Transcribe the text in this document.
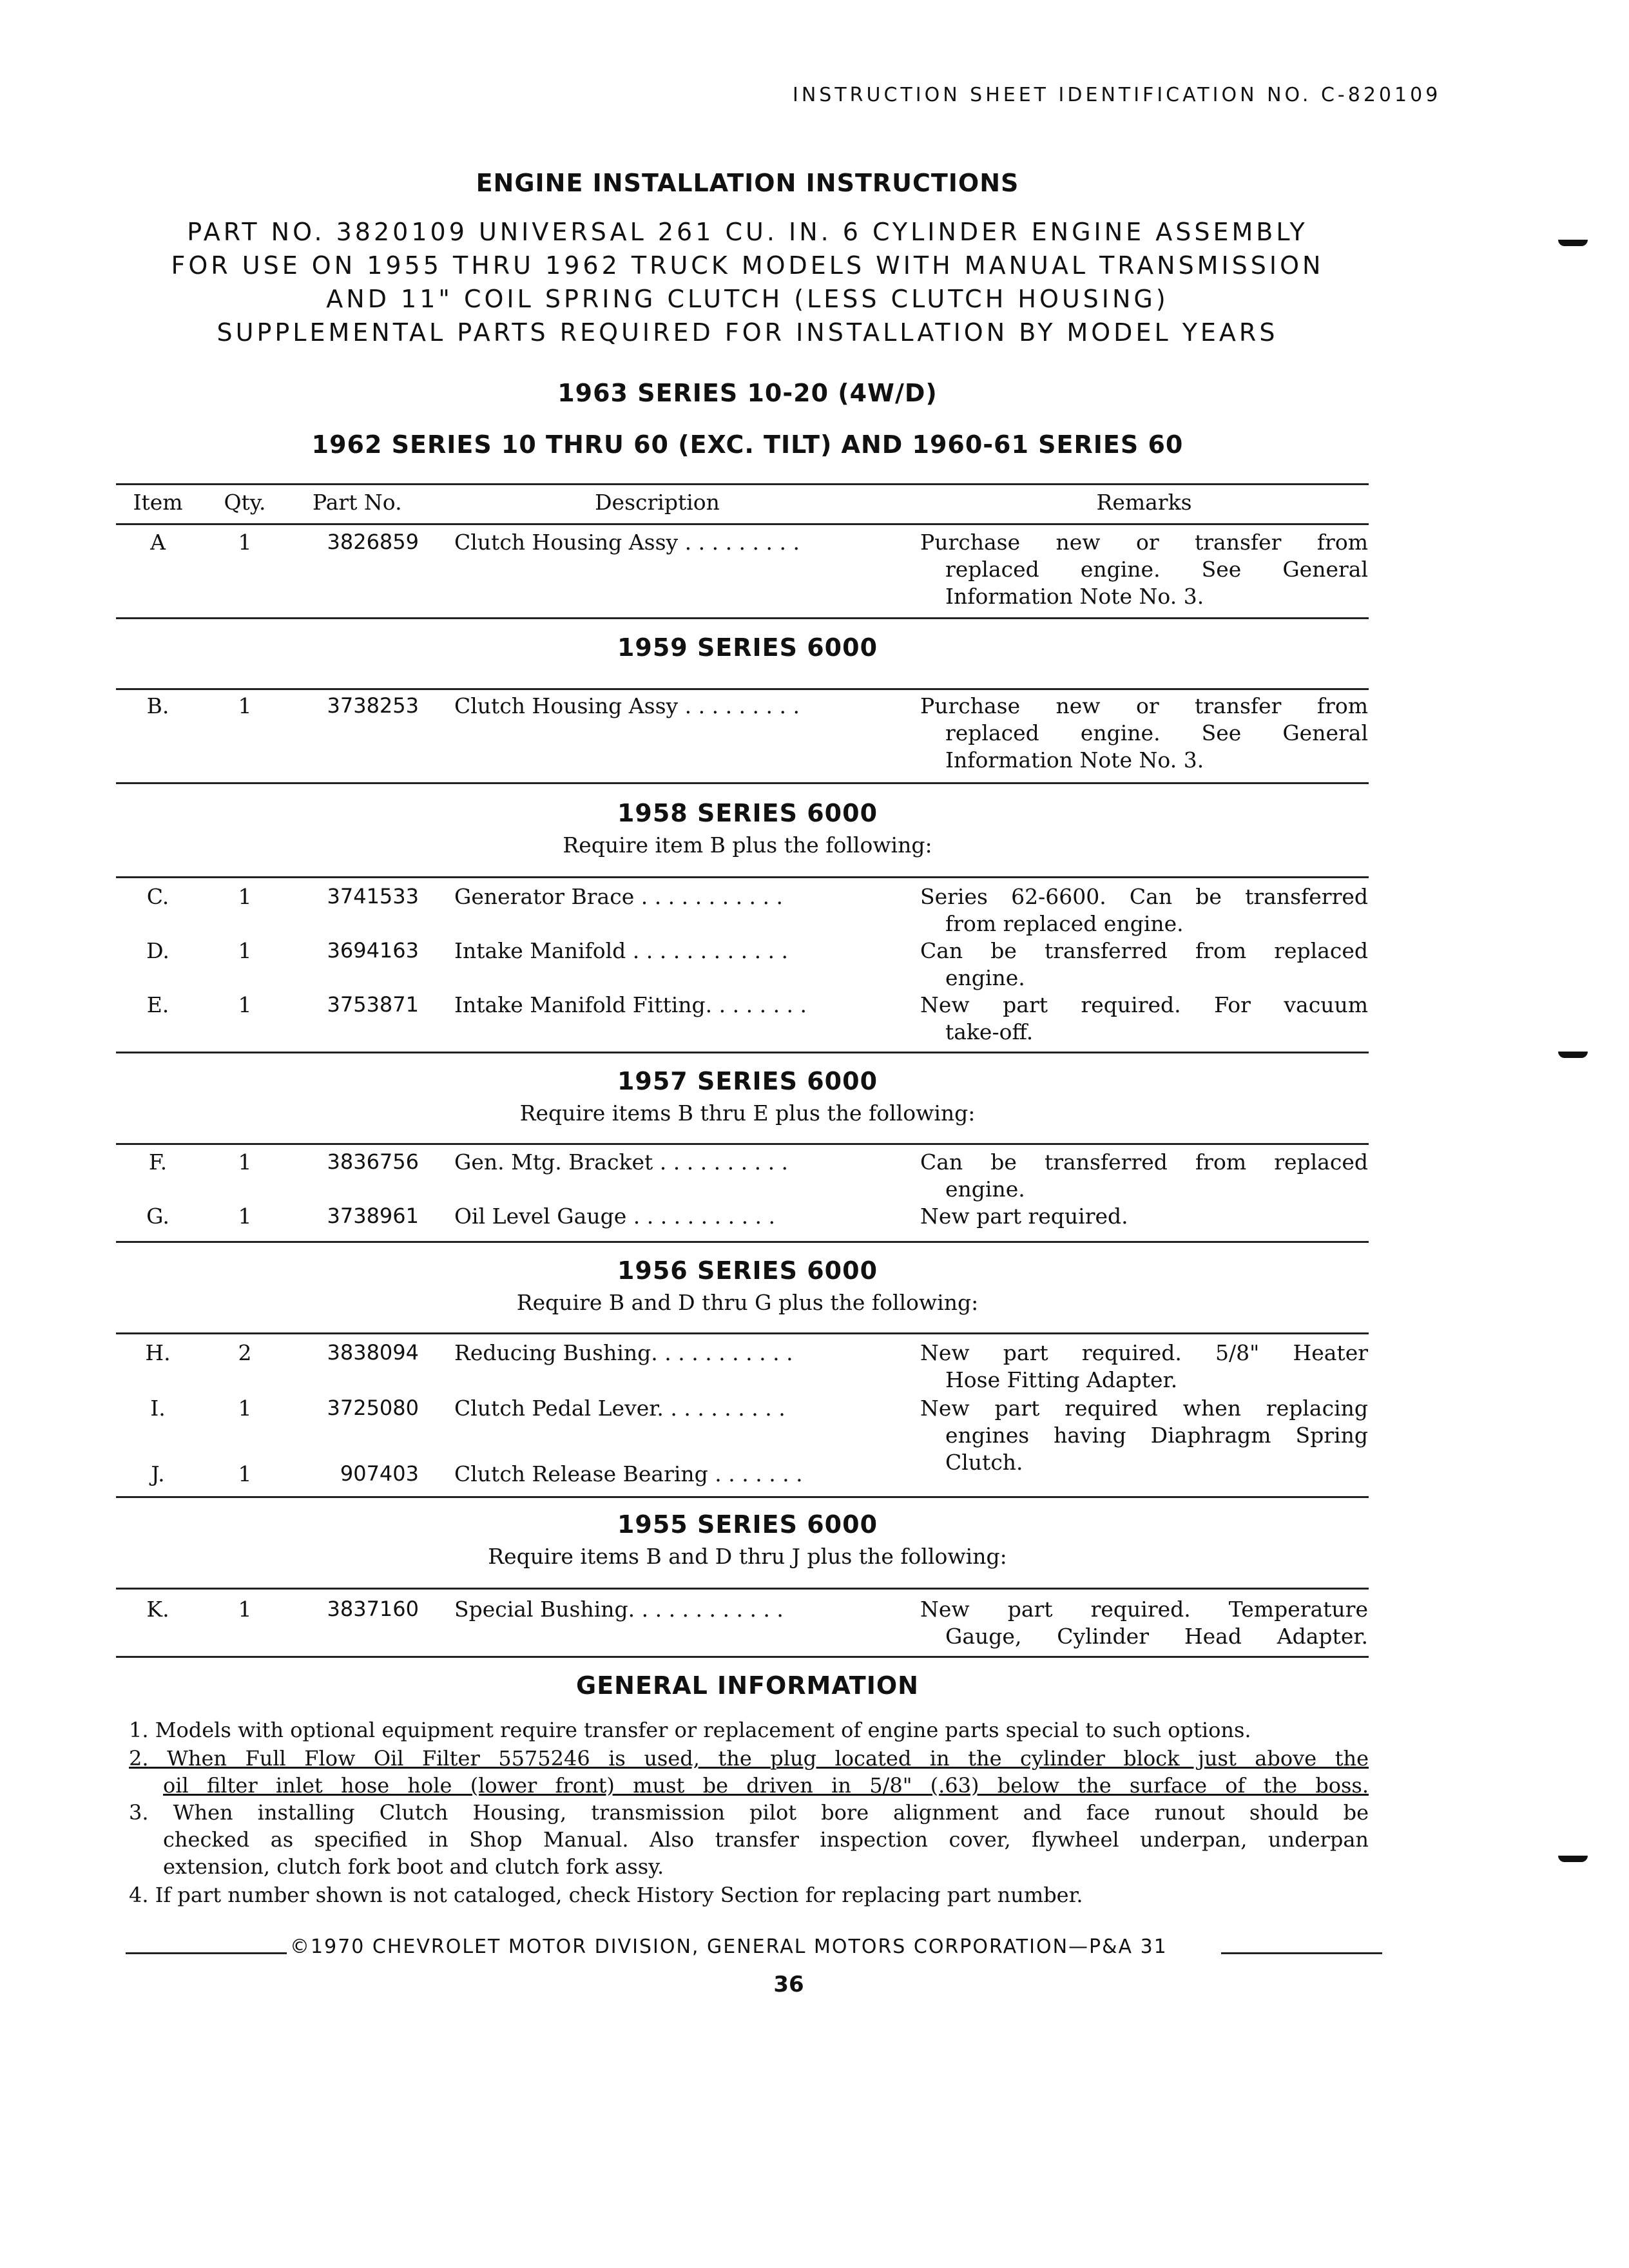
INSTRUCTION SHEET IDENTIFICATION NO. C-820109
ENGINE INSTALLATION INSTRUCTIONS
PART NO. 3820109 UNIVERSAL 261 CU. IN. 6 CYLINDER ENGINE ASSEMBLY
FOR USE ON 1955 THRU 1962 TRUCK MODELS WITH MANUAL TRANSMISSION
AND 11" COIL SPRING CLUTCH (LESS CLUTCH HOUSING)
SUPPLEMENTAL PARTS REQUIRED FOR INSTALLATION BY MODEL YEARS
1963 SERIES 10-20 (4W/D)
1962 SERIES 10 THRU 60 (EXC. TILT) AND 1960-61 SERIES 60
Item Qty. Part No.	Description	Remarks
A	1	3826859 Clutch Housing Assy . . . . . . . . .	Purchase new or transfer from
replaced engine. See General
Information Note No. 3.
1959 SERIES 6000
B.	1	3738253 Clutch Housing Assy . . . . . . . . .	Purchase new or transfer from
replaced engine. See General
Information Note No. 3.
1958 SERIES 6000
Require item B plus the following:
C.	1	3741533 Generator Brace . . . . . . . . . . .	Series 62-6600. Can be transferred
from replaced engine.
D.	1	3694163 Intake Manifold . . . . . . . . . . . .	Can be transferred from replaced
engine.
E.	1	3753871 Intake Manifold Fitting. . . . . . . .	New part required. For vacuum
take-off.
1957 SERIES 6000
Require items B thru E plus the following:
F.	1	3836756 Gen. Mtg. Bracket . . . . . . . . . .	Can be transferred from replaced
engine.
G.	1	3738961 Oil Level Gauge . . . . . . . . . . .	New part required.
1956 SERIES 6000
Require B and D thru G plus the following:
H.	2	3838094 Reducing Bushing. . . . . . . . . . .	New part required. 5/8" Heater
Hose Fitting Adapter.
I.	1	3725080 Clutch Pedal Lever. . . . . . . . . .	New part required when replacing
engines having Diaphragm Spring
Clutch.
J.	1	907403 Clutch Release Bearing . . . . . . .
1955 SERIES 6000
Require items B and D thru J plus the following:
K.	1	3837160 Special Bushing. . . . . . . . . . . .	New part required. Temperature
Gauge, Cylinder Head Adapter.
GENERAL INFORMATION
1. Models with optional equipment require transfer or replacement of engine parts special to such options.
2. When Full Flow Oil Filter 5575246 is used, the plug located in the cylinder block just above the
oil filter inlet hose hole (lower front) must be driven in 5/8" (.63) below the surface of the boss.
3. When installing Clutch Housing, transmission pilot bore alignment and face runout should be
checked as specified in Shop Manual. Also transfer inspection cover, flywheel underpan, underpan
extension, clutch fork boot and clutch fork assy.
4. If part number shown is not cataloged, check History Section for replacing part number.
©1970 CHEVROLET MOTOR DIVISION, GENERAL MOTORS CORPORATION—P&A 31
36
